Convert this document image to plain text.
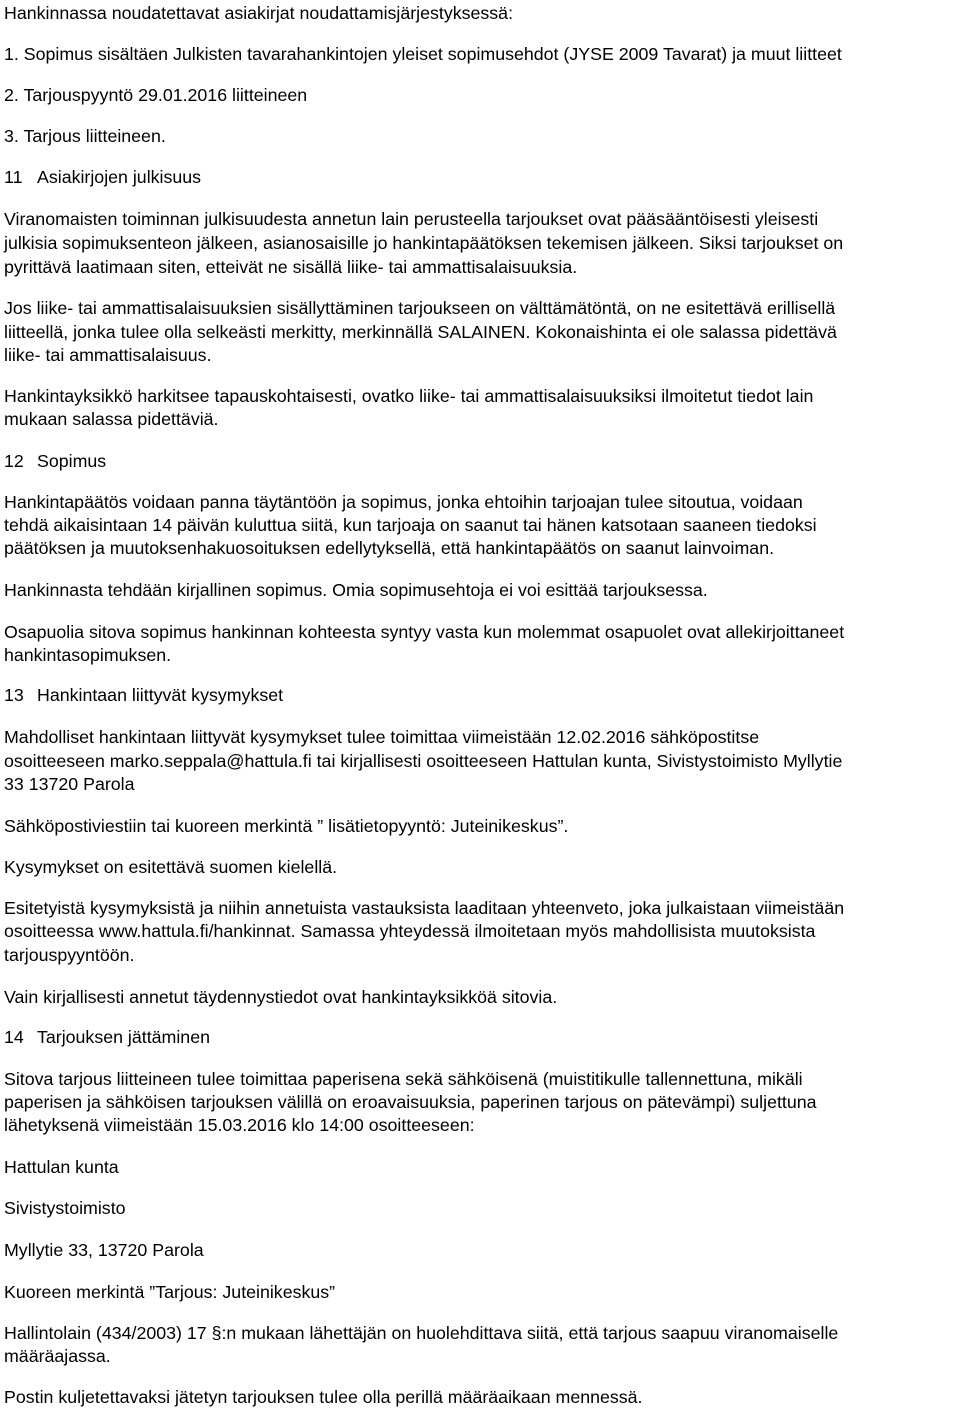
Hankinnassa noudatettavat asiakirjat noudattamisjärjestyksessä:
1. Sopimus sisältäen Julkisten tavarahankintojen yleiset sopimusehdot (JYSE 2009 Tavarat) ja muut liitteet
2. Tarjouspyyntö 29.01.2016 liitteineen
3. Tarjous liitteineen.
11 Asiakirjojen julkisuus
Viranomaisten toiminnan julkisuudesta annetun lain perusteella tarjoukset ovat pääsääntöisesti yleisesti
julkisia sopimuksenteon jälkeen, asianosaisille jo hankintapäätöksen tekemisen jälkeen. Siksi tarjoukset on
pyrittävä laatimaan siten, etteivät ne sisällä liike- tai ammattisalaisuuksia.
Jos liike- tai ammattisalaisuuksien sisällyttäminen tarjoukseen on välttämätöntä, on ne esitettävä erillisellä
liitteellä, jonka tulee olla selkeästi merkitty, merkinnällä SALAINEN. Kokonaishinta ei ole salassa pidettävä
liike- tai ammattisalaisuus.
Hankintayksikkö harkitsee tapauskohtaisesti, ovatko liike- tai ammattisalaisuuksiksi ilmoitetut tiedot lain
mukaan salassa pidettäviä.
12 Sopimus
Hankintapäätös voidaan panna täytäntöön ja sopimus, jonka ehtoihin tarjoajan tulee sitoutua, voidaan
tehdä aikaisintaan 14 päivän kuluttua siitä, kun tarjoaja on saanut tai hänen katsotaan saaneen tiedoksi
päätöksen ja muutoksenhakuosoituksen edellytyksellä, että hankintapäätös on saanut lainvoiman.
Hankinnasta tehdään kirjallinen sopimus. Omia sopimusehtoja ei voi esittää tarjouksessa.
Osapuolia sitova sopimus hankinnan kohteesta syntyy vasta kun molemmat osapuolet ovat allekirjoittaneet
hankintasopimuksen.
13 Hankintaan liittyvät kysymykset
Mahdolliset hankintaan liittyvät kysymykset tulee toimittaa viimeistään 12.02.2016 sähköpostitse
osoitteeseen marko.seppala@hattula.fi tai kirjallisesti osoitteeseen Hattulan kunta, Sivistystoimisto Myllytie
33 13720 Parola
Sähköpostiviestiin tai kuoreen merkintä ” lisätietopyyntö: Juteinikeskus”.
Kysymykset on esitettävä suomen kielellä.
Esitetyistä kysymyksistä ja niihin annetuista vastauksista laaditaan yhteenveto, joka julkaistaan viimeistään
osoitteessa www.hattula.fi/hankinnat. Samassa yhteydessä ilmoitetaan myös mahdollisista muutoksista
tarjouspyyntöön.
Vain kirjallisesti annetut täydennystiedot ovat hankintayksikköä sitovia.
14 Tarjouksen jättäminen
Sitova tarjous liitteineen tulee toimittaa paperisena sekä sähköisenä (muistitikulle tallennettuna, mikäli
paperisen ja sähköisen tarjouksen välillä on eroavaisuuksia, paperinen tarjous on pätevämpi) suljettuna
lähetyksenä viimeistään 15.03.2016 klo 14:00 osoitteeseen:
Hattulan kunta
Sivistystoimisto
Myllytie 33, 13720 Parola
Kuoreen merkintä ”Tarjous: Juteinikeskus”
Hallintolain (434/2003) 17 §:n mukaan lähettäjän on huolehdittava siitä, että tarjous saapuu viranomaiselle
määräajassa.
Postin kuljetettavaksi jätetyn tarjouksen tulee olla perillä määräaikaan mennessä.
